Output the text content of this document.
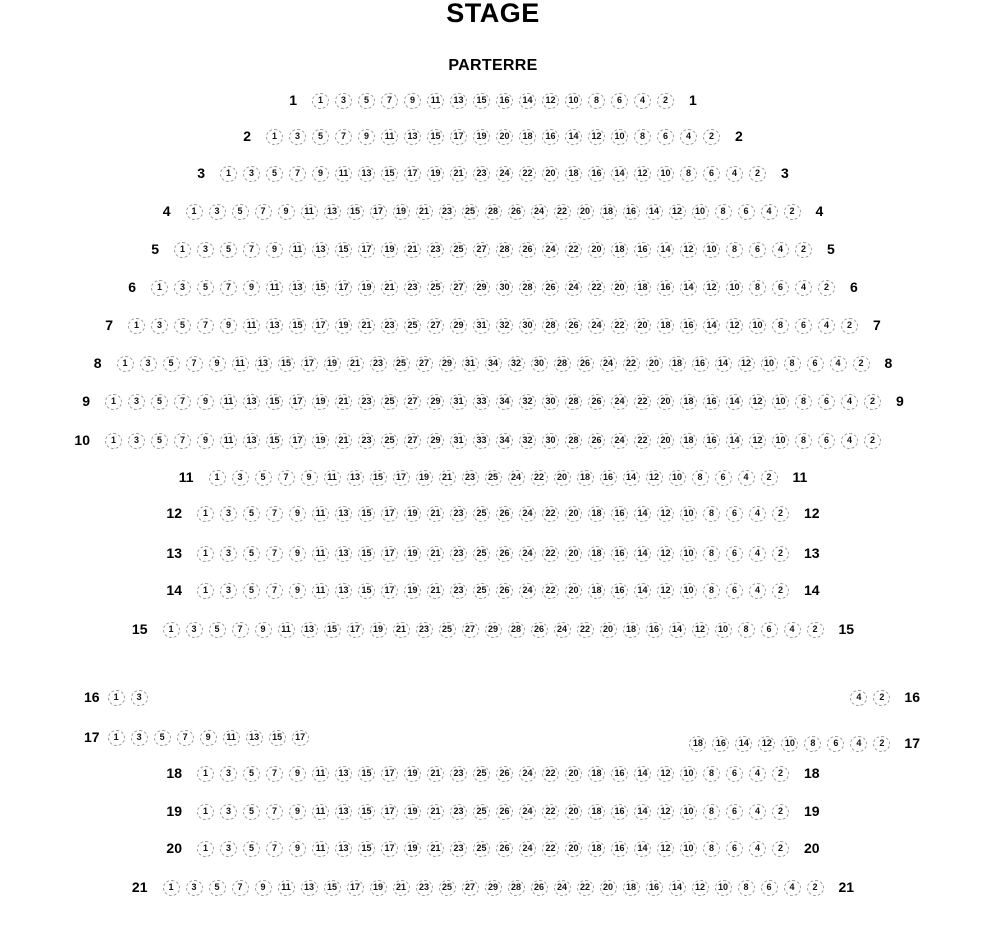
STAGE
PARTERRE
1	1	3	5	7	9	11	13	15	16	14	12	10	8	6	4	2	1
2	1	3	5	7	9	11	13	15	17	19	20	18	16	14	12	10	8	6	4	2	2
3	1	3	5	7	9	11	13	15	17	19	21	23	24	22	20	18	16	14	12	10	8	6	4	2	3
4	1	3	5	7	9	11	13	15	17	19	21	23	25	28	26	24	22	20	18	16	14	12	10	8	6	4	2	4
5	1	3	5	7	9	11	13	15	17	19	21	23	25	27	28	26	24	22	20	18	16	14	12	10	8	6	4	2	5
6	1	3	5	7	9	11	13	15	17	19	21	23	25	27	29	30	28	26	24	22	20	18	16	14	12	10	8	6	4	2	6
7	1	3	5	7	9	11	13	15	17	19	21	23	25	27	29	31	32	30	28	26	24	22	20	18	16	14	12	10	8	6	4	2	7
8	1	3	5	7	9	11	13	15	17	19	21	23	25	27	29	31	34	32	30	28	26	24	22	20	18	16	14	12	10	8	6	4	2	8
9	1	3	5	7	9	11	13	15	17	19	21	23	25	27	29	31	33	34	32	30	28	26	24	22	20	18	16	14	12	10	8	6	4	2	9
10	1	3	5	7	9	11	13	15	17	19	21	23	25	27	29	31	33	34	32	30	28	26	24	22	20	18	16	14	12	10	8	6	4	2
11	1	3	5	7	9	11	13	15	17	19	21	23	25	24	22	20	18	16	14	12	10	8	6	4	2	11
12	1	3	5	7	9	11	13	15	17	19	21	23	25	26	24	22	20	18	16	14	12	10	8	6	4	2	12
13	1	3	5	7	9	11	13	15	17	19	21	23	25	26	24	22	20	18	16	14	12	10	8	6	4	2	13
14	1	3	5	7	9	11	13	15	17	19	21	23	25	26	24	22	20	18	16	14	12	10	8	6	4	2	14
15	1	3	5	7	9	11	13	15	17	19	21	23	25	27	29	28	26	24	22	20	18	16	14	12	10	8	6	4	2	15
16	1	3	4	2	16
17	1	3	5	7	9	11	13	15	17
18	16	14	12	10	8	6	4	2	17
18	1	3	5	7	9	11	13	15	17	19	21	23	25	26	24	22	20	18	16	14	12	10	8	6	4	2	18
19	1	3	5	7	9	11	13	15	17	19	21	23	25	26	24	22	20	18	16	14	12	10	8	6	4	2	19
20	1	3	5	7	9	11	13	15	17	19	21	23	25	26	24	22	20	18	16	14	12	10	8	6	4	2	20
21	1	3	5	7	9	11	13	15	17	19	21	23	25	27	29	28	26	24	22	20	18	16	14	12	10	8	6	4	2	21
